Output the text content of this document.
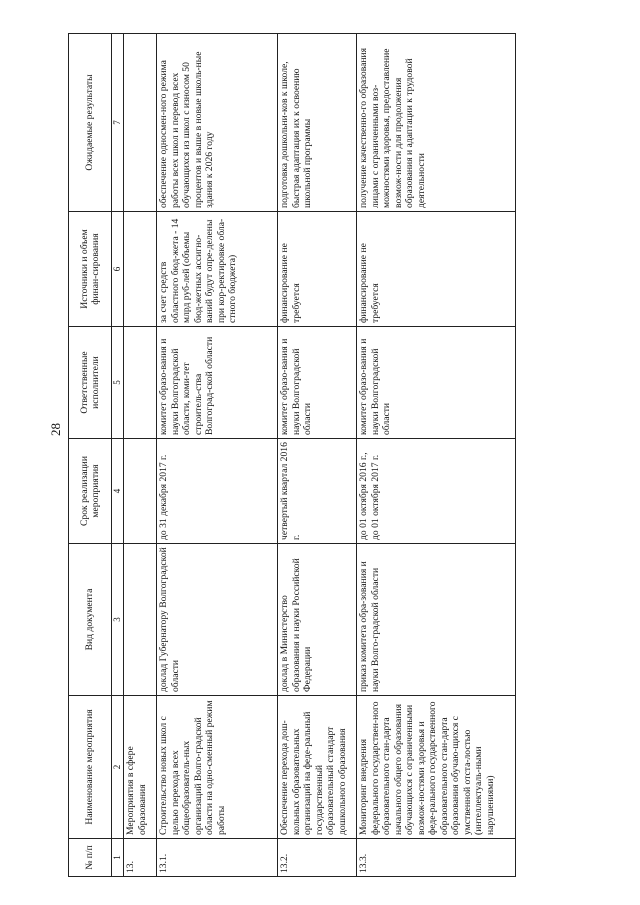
28
№ п/п	Наименование мероприятия	Вид документа	Срок реализации мероприятия	Ответственные исполнители	Источники и объем финан-сирования	Ожидаемые результаты
1	2	3	4	5	6	7
13.	Мероприятия в сфере образования					
13.1.	Строительство новых школ с целью перехода всех общеобразователь-ных организаций Волго-градской области на одно-сменный режим работы	доклад Губернатору Волгоградской области	до 31 декабря 2017 г.	комитет образо-вания и науки Волгоградской области, коми-тет строитель-ства Волгоград-ской области	за счет средств областного бюд-жета - 14 млрд руб-лей (объемы бюд-жетных ассигно-ваний будут опре-делены при кор-ректировке обла-стного бюджета)	обеспечение односмен-ного режима работы всех школ и перевод всех обучающихся из школ с износом 50 процентов и выше в новые школь-ные здания к 2026 году
13.2.	Обеспечение перехода дош-кольных образовательных организаций на феде-ральный государственный образовательный стандарт дошкольного образования	доклад в Министерство образования и науки Российской Федерации	четвертый квартал 2016 г.	комитет образо-вания и науки Волгоградской области	финансирование не требуется	подготовка дошкольни-ков к школе, быстрая адаптация их к освоению школьной программы
13.3.	Мониторинг внедрения федерального государствен-ного образовательного стан-дарта начального общего образования обучающихся с ограниченными возмож-ностями здоровья и феде-рального государственного образовательного стан-дарта образования обучаю-щихся с умственной отста-лостью (интеллектуаль-ными нарушениями)	приказ комитета обра-зования и науки Волго-градской области	до 01 октября 2016 г., до 01 октября 2017 г.	комитет образо-вания и науки Волгоградской области	финансирование не требуется	получение качественно-го образования лицами с ограниченными воз-можностями здоровья, предоставление возмож-ности для продолжения образования и адаптации к трудовой деятельности
